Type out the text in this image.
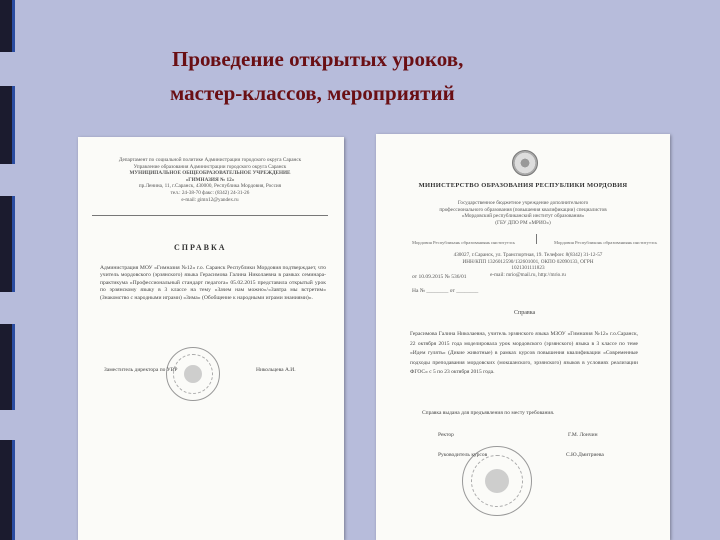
Проведение открытых уроков,
мастер-классов, мероприятий
Департамент по социальной политике Администрации городского округа Саранск
Управление образования Администрации городского округа Саранск
МУНИЦИПАЛЬНОЕ ОБЩЕОБРАЗОВАТЕЛЬНОЕ УЧРЕЖДЕНИЕ
«ГИМНАЗИЯ № 12»
пр.Ленина, 11, г.Саранск, 430000, Республика Мордовия, Россия
тел.: 24-38-70 факс: (8342) 24-31-26
e-mail: gimn12@yandex.ru
СПРАВКА
Администрация МОУ «Гимназия №12» г.о. Саранск Республики Мордовия подтверждает, что учитель мордовского (эрзянского) языка Герасимова Галина Николаевна в рамках семинара-практикума «Профессиональный стандарт педагога» 05.02.2015 представила открытый урок по эрзянскому языку в 3 классе на тему «Зачем нам можно»/«Завтра мы встретим» (Знакомство с народными играми) «Зима» (Обобщение к народными играми знаниями)».
Заместитель директора по УВР	Никольцева А.И.
МИНИСТЕРСТВО ОБРАЗОВАНИЯ РЕСПУБЛИКИ МОРДОВИЯ
Государственное бюджетное учреждение дополнительного
профессионального образования (повышения квалификации) специалистов
«Мордовский республиканский институт образования»
(ГБУ ДПО РМ «МРИО»)
Мордовия Республикань образованиянь институтэсь	Мордовия Республиконь образованиянь институтэсь
430027, г.Саранск, ул. Транспортная, 19. Телефон: 8(8342) 31-12-57
ИНН/КПП 1326012590/132601001, ОКПО 02090133, ОГРН 1021301111823
e-mail: mrio@mail.ru, http://mrio.ru
от 10.09.2015 № 536/01
На № ________ от ________
Справка
Герасимова Галина Николаевна, учитель эрзянского языка МЗОУ «Гимназия №12» г.о.Саранск, 22 октября 2015 года моделировала урок мордовского (эрзянского) языка в 3 классе по теме «Идем гулять» (Дикие животные) в рамках курсов повышения квалификации «Современные подходы преподавания мордовских (мокшанского, эрзянского) языков в условиях реализации ФГОС» с 5 по 23 октября 2015 года.
Справка выдана для предъявления по месту требования.
Ректор	Г.М. Лончин
Руководитель курсов	С.Ю.Дмитриева
